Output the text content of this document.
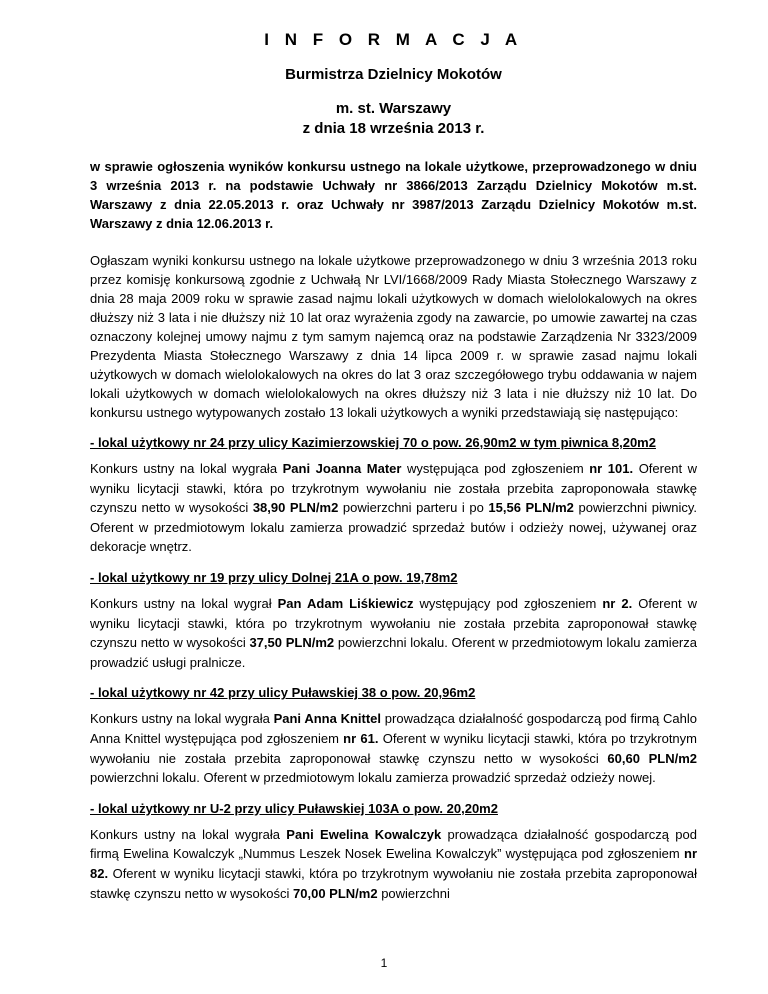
I N F O R M A C J A
Burmistrza Dzielnicy Mokotów
m. st. Warszawy
z dnia 18 września 2013 r.
w sprawie ogłoszenia wyników konkursu ustnego na lokale użytkowe, przeprowadzonego w dniu 3 września 2013 r. na podstawie Uchwały nr 3866/2013 Zarządu Dzielnicy Mokotów m.st. Warszawy z dnia 22.05.2013 r. oraz Uchwały nr 3987/2013 Zarządu Dzielnicy Mokotów m.st. Warszawy z dnia 12.06.2013 r.
Ogłaszam wyniki konkursu ustnego na lokale użytkowe przeprowadzonego w dniu 3 września 2013 roku przez komisję konkursową zgodnie z Uchwałą Nr LVI/1668/2009 Rady Miasta Stołecznego Warszawy z dnia 28 maja 2009 roku w sprawie zasad najmu lokali użytkowych w domach wielolokalowych na okres dłuższy niż 3 lata i nie dłuższy niż 10 lat oraz wyrażenia zgody na zawarcie, po umowie zawartej na czas oznaczony kolejnej umowy najmu z tym samym najemcą oraz na podstawie Zarządzenia Nr 3323/2009 Prezydenta Miasta Stołecznego Warszawy z dnia 14 lipca 2009 r. w sprawie zasad najmu lokali użytkowych w domach wielolokalowych na okres do lat 3 oraz szczegółowego trybu oddawania w najem lokali użytkowych w domach wielolokalowych na okres dłuższy niż 3 lata i nie dłuższy niż 10 lat. Do konkursu ustnego wytypowanych zostało 13 lokali użytkowych a wyniki przedstawiają się następująco:
- lokal użytkowy nr 24 przy ulicy Kazimierzowskiej 70 o pow. 26,90m2 w tym piwnica 8,20m2
Konkurs ustny na lokal wygrała Pani Joanna Mater występująca pod zgłoszeniem nr 101. Oferent w wyniku licytacji stawki, która po trzykrotnym wywołaniu nie została przebita zaproponowała stawkę czynszu netto w wysokości 38,90 PLN/m2 powierzchni parteru i po 15,56 PLN/m2 powierzchni piwnicy. Oferent w przedmiotowym lokalu zamierza prowadzić sprzedaż butów i odzieży nowej, używanej oraz dekoracje wnętrz.
- lokal użytkowy nr 19 przy ulicy Dolnej 21A o pow. 19,78m2
Konkurs ustny na lokal wygrał Pan Adam Liśkiewicz występujący pod zgłoszeniem nr 2. Oferent w wyniku licytacji stawki, która po trzykrotnym wywołaniu nie została przebita zaproponował stawkę czynszu netto w wysokości 37,50 PLN/m2 powierzchni lokalu. Oferent w przedmiotowym lokalu zamierza prowadzić usługi pralnicze.
- lokal użytkowy nr 42 przy ulicy Puławskiej 38 o pow. 20,96m2
Konkurs ustny na lokal wygrała Pani Anna Knittel prowadząca działalność gospodarczą pod firmą Cahlo Anna Knittel występująca pod zgłoszeniem nr 61. Oferent w wyniku licytacji stawki, która po trzykrotnym wywołaniu nie została przebita zaproponował stawkę czynszu netto w wysokości 60,60 PLN/m2 powierzchni lokalu. Oferent w przedmiotowym lokalu zamierza prowadzić sprzedaż odzieży nowej.
- lokal użytkowy nr U-2 przy ulicy Puławskiej 103A o pow. 20,20m2
Konkurs ustny na lokal wygrała Pani Ewelina Kowalczyk prowadząca działalność gospodarczą pod firmą Ewelina Kowalczyk „Nummus Leszek Nosek Ewelina Kowalczyk” występująca pod zgłoszeniem nr 82. Oferent w wyniku licytacji stawki, która po trzykrotnym wywołaniu nie została przebita zaproponował stawkę czynszu netto w wysokości 70,00 PLN/m2 powierzchni
1
